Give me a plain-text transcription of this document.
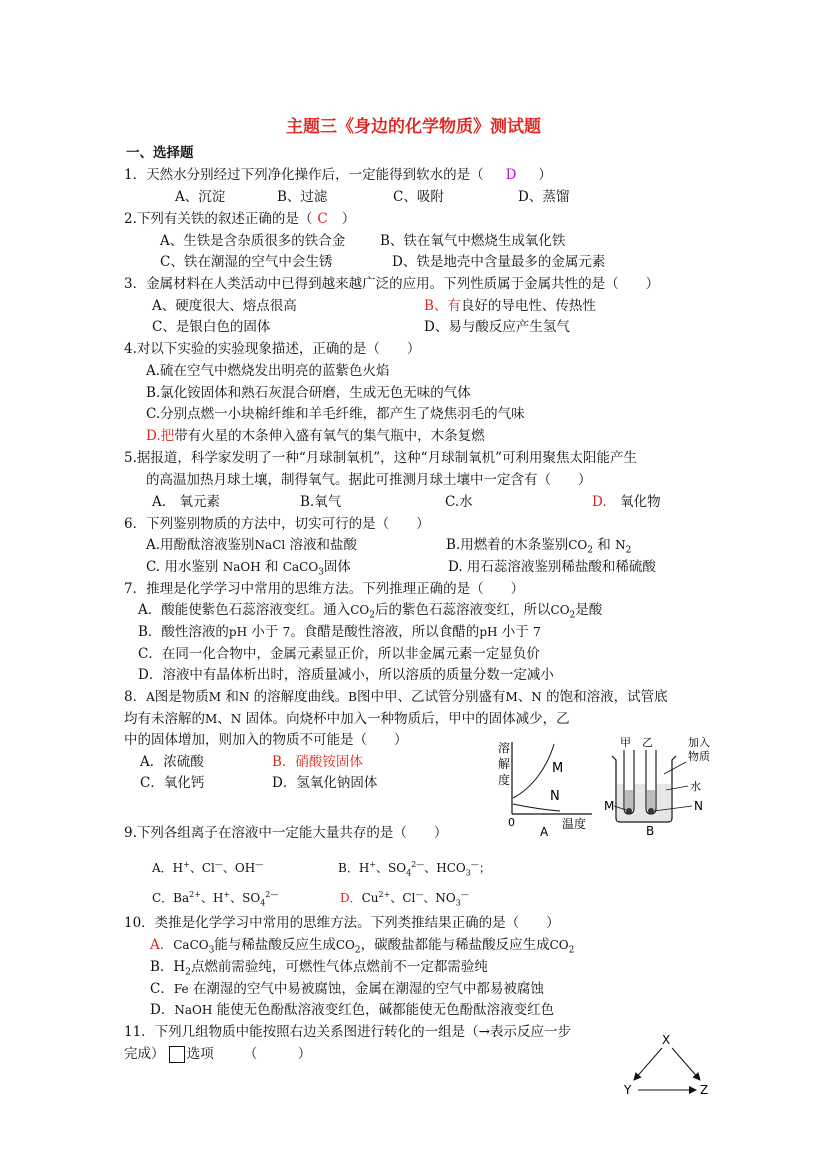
主题三《身边的化学物质》测试题
一、选择题
1．天然水分别经过下列净化操作后，一定能得到软水的是（ D ）
A、沉淀	B、过滤	C、吸附	D、蒸馏
2.下列有关铁的叙述正确的是（ C ）
A、生铁是含杂质很多的铁合金	B、铁在氧气中燃烧生成氧化铁
C、铁在潮湿的空气中会生锈	D、铁是地壳中含量最多的金属元素
3．金属材料在人类活动中已得到越来越广泛的应用。下列性质属于金属共性的是（　　）
A、硬度很大、熔点很高	B、有良好的导电性、传热性
C、是银白色的固体	D、易与酸反应产生氢气
4.对以下实验的实验现象描述，正确的是（　　）
A.硫在空气中燃烧发出明亮的蓝紫色火焰
B.氯化铵固体和熟石灰混合研磨，生成无色无味的气体
C.分别点燃一小块棉纤维和羊毛纤维，都产生了烧焦羽毛的气味
D.把带有火星的木条伸入盛有氧气的集气瓶中，木条复燃
5.据报道，科学家发明了一种“月球制氧机”，这种“月球制氧机”可利用聚焦太阳能产生
的高温加热月球土壤，制得氧气。据此可推测月球土壤中一定含有（　　）
A.　氧元素	B.氧气	C.水	D.　氧化物
6．下列鉴别物质的方法中，切实可行的是（　　）
A.用酚酞溶液鉴别NaCl 溶液和盐酸	B.用燃着的木条鉴别$CO_2$ 和 $N_2$
C. 用水鉴别 NaOH 和 CaCO$_3$固体	D. 用石蕊溶液鉴别稀盐酸和稀硫酸
7．推理是化学学习中常用的思维方法。下列推理正确的是（　　）
A．酸能使紫色石蕊溶液变红。通入$CO_2$后的紫色石蕊溶液变红，所以$CO_2$是酸
B．酸性溶液的pH 小于 7。食醋是酸性溶液，所以食醋的pH 小于 7
C．在同一化合物中，金属元素显正价，所以非金属元素一定显负价
D．溶液中有晶体析出时，溶质量减小，所以溶质的质量分数一定减小
8．A图是物质M 和N 的溶解度曲线。B图中甲、乙试管分别盛有M、N 的饱和溶液，试管底
均有未溶解的M、N 固体。向烧杯中加入一种物质后，甲中的固体减少，乙
中的固体增加，则加入的物质不可能是（　　）
A．浓硫酸	B．硝酸铵固体
C．氧化钙	D．氢氧化钠固体
溶
解
度
M
N
0	温度
A
甲 乙	加入
物质
水
M	N
B
9.下列各组离子在溶液中一定能大量共存的是（　　）
A．H+、Cl—、OH—	B．H+、$SO_4^{2—}$、$HCO_3^—$；
C．$Ba^{2+}$、H+、$SO_4^{2—}$	D．$Cu^{2+}$、Cl—、$NO_3^—$
10．类推是化学学习中常用的思维方法。下列类推结果正确的是（　　）
A．CaCO$_3$能与稀盐酸反应生成$CO_2$，碳酸盐都能与稀盐酸反应生成$CO_2$
B．$H_2$点燃前需验纯，可燃性气体点燃前不一定都需验纯
C．Fe 在潮湿的空气中易被腐蚀，金属在潮湿的空气中都易被腐蚀
D．NaOH 能使无色酚酞溶液变红色，碱都能使无色酚酞溶液变红色
11．下列几组物质中能按照右边关系图进行转化的一组是（→表示反应一步
完成） 选项 （　　　）
X
Y	Z
